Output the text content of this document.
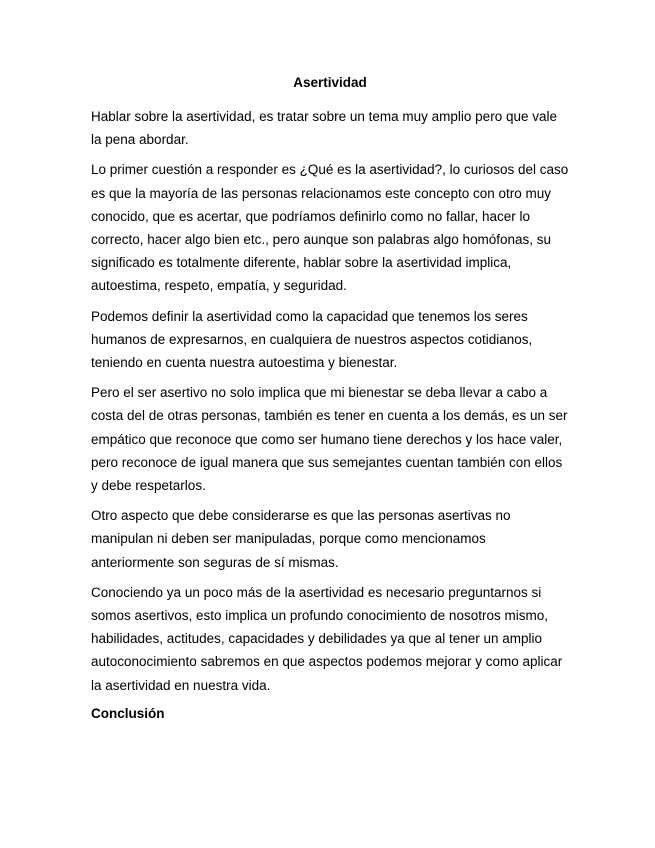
Asertividad
Hablar sobre la asertividad, es tratar sobre un tema muy amplio pero que vale
la pena abordar.
Lo primer cuestión a responder es ¿Qué es la asertividad?, lo curiosos del caso
es que la mayoría de las personas relacionamos este concepto con otro muy
conocido, que es acertar, que podríamos definirlo como no fallar, hacer lo
correcto, hacer algo bien etc., pero aunque son palabras algo homófonas, su
significado es totalmente diferente, hablar sobre la asertividad implica,
autoestima, respeto, empatía, y seguridad.
Podemos definir la asertividad como la capacidad que tenemos los seres
humanos de expresarnos, en cualquiera de nuestros aspectos cotidianos,
teniendo en cuenta nuestra autoestima y bienestar.
Pero el ser asertivo no solo implica que mi bienestar se deba llevar a cabo a
costa del de otras personas, también es tener en cuenta a los demás, es un ser
empático que reconoce que como ser humano tiene derechos y los hace valer,
pero reconoce de igual manera que sus semejantes cuentan también con ellos
y debe respetarlos.
Otro aspecto que debe considerarse es que las personas asertivas no
manipulan ni deben ser manipuladas, porque como mencionamos
anteriormente son seguras de sí mismas.
Conociendo ya un poco más de la asertividad es necesario preguntarnos si
somos asertivos, esto implica un profundo conocimiento de nosotros mismo,
habilidades, actitudes, capacidades y debilidades ya que al tener un amplio
autoconocimiento sabremos en que aspectos podemos mejorar y como aplicar
la asertividad en nuestra vida.
Conclusión
